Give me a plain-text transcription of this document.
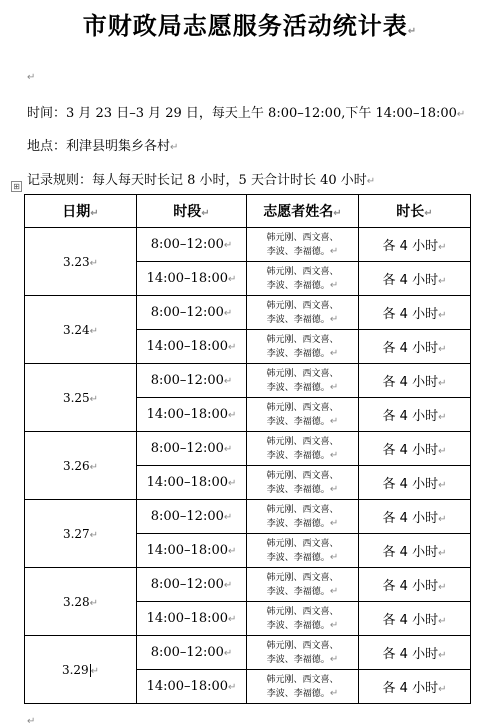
市财政局志愿服务活动统计表↵
↵
时间：3 月 23 日–3 月 29 日，每天上午 8:00–12:00,下午 14:00–18:00↵
地点：利津县明集乡各村↵
记录规则：每人每天时长记 8 小时，5 天合计时长 40 小时↵
⊞
日期↵	时段↵	志愿者姓名↵	时长↵
3.23↵	8:00–12:00↵	韩元刚、西文喜、
李波、李福德。↵	各 4 小时↵
	14:00–18:00↵	韩元刚、西文喜、
李波、李福德。↵	各 4 小时↵
3.24↵	8:00–12:00↵	韩元刚、西文喜、
李波、李福德。↵	各 4 小时↵
	14:00–18:00↵	韩元刚、西文喜、
李波、李福德。↵	各 4 小时↵
3.25↵	8:00–12:00↵	韩元刚、西文喜、
李波、李福德。↵	各 4 小时↵
	14:00–18:00↵	韩元刚、西文喜、
李波、李福德。↵	各 4 小时↵
3.26↵	8:00–12:00↵	韩元刚、西文喜、
李波、李福德。↵	各 4 小时↵
	14:00–18:00↵	韩元刚、西文喜、
李波、李福德。↵	各 4 小时↵
3.27↵	8:00–12:00↵	韩元刚、西文喜、
李波、李福德。↵	各 4 小时↵
	14:00–18:00↵	韩元刚、西文喜、
李波、李福德。↵	各 4 小时↵
3.28↵	8:00–12:00↵	韩元刚、西文喜、
李波、李福德。↵	各 4 小时↵
	14:00–18:00↵	韩元刚、西文喜、
李波、李福德。↵	各 4 小时↵
3.29 ↵	8:00–12:00↵	韩元刚、西文喜、
李波、李福德。↵	各 4 小时↵
	14:00–18:00↵	韩元刚、西文喜、
李波、李福德。↵	各 4 小时↵
↵
